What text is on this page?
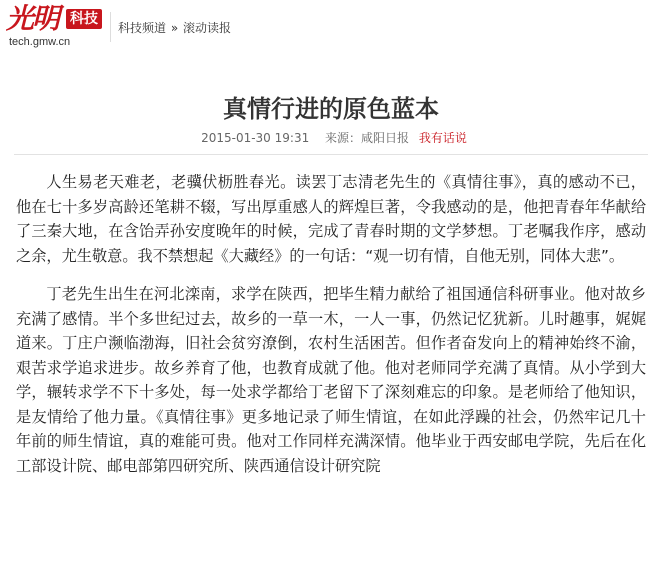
光明 科技
tech.gmw.cn
科技频道 » 滚动读报
真情行进的原色蓝本
2015-01-30 19:31 来源：咸阳日报 我有话说

人生易老天难老，老骥伏枥胜春光。读罢丁志清老先生的《真情往事》，真的感动不已，他在七十多岁高龄还笔耕不辍，写出厚重感人的辉煌巨著，令我感动的是，他把青春年华献给了三秦大地，在含饴弄孙安度晚年的时候，完成了青春时期的文学梦想。丁老嘱我作序，感动之余，尤生敬意。我不禁想起《大藏经》的一句话：“观一切有情，自他无别，同体大悲”。

丁老先生出生在河北滦南，求学在陕西，把毕生精力献给了祖国通信科研事业。他对故乡充满了感情。半个多世纪过去，故乡的一草一木，一人一事，仍然记忆犹新。儿时趣事，娓娓道来。丁庄户濒临渤海，旧社会贫穷潦倒，农村生活困苦。但作者奋发向上的精神始终不渝，艰苦求学追求进步。故乡养育了他，也教育成就了他。他对老师同学充满了真情。从小学到大学，辗转求学不下十多处，每一处求学都给丁老留下了深刻难忘的印象。是老师给了他知识，是友情给了他力量。《真情往事》更多地记录了师生情谊，在如此浮躁的社会，仍然牢记几十年前的师生情谊，真的难能可贵。他对工作同样充满深情。他毕业于西安邮电学院，先后在化工部设计院、邮电部第四研究所、陕西通信设计研究院
